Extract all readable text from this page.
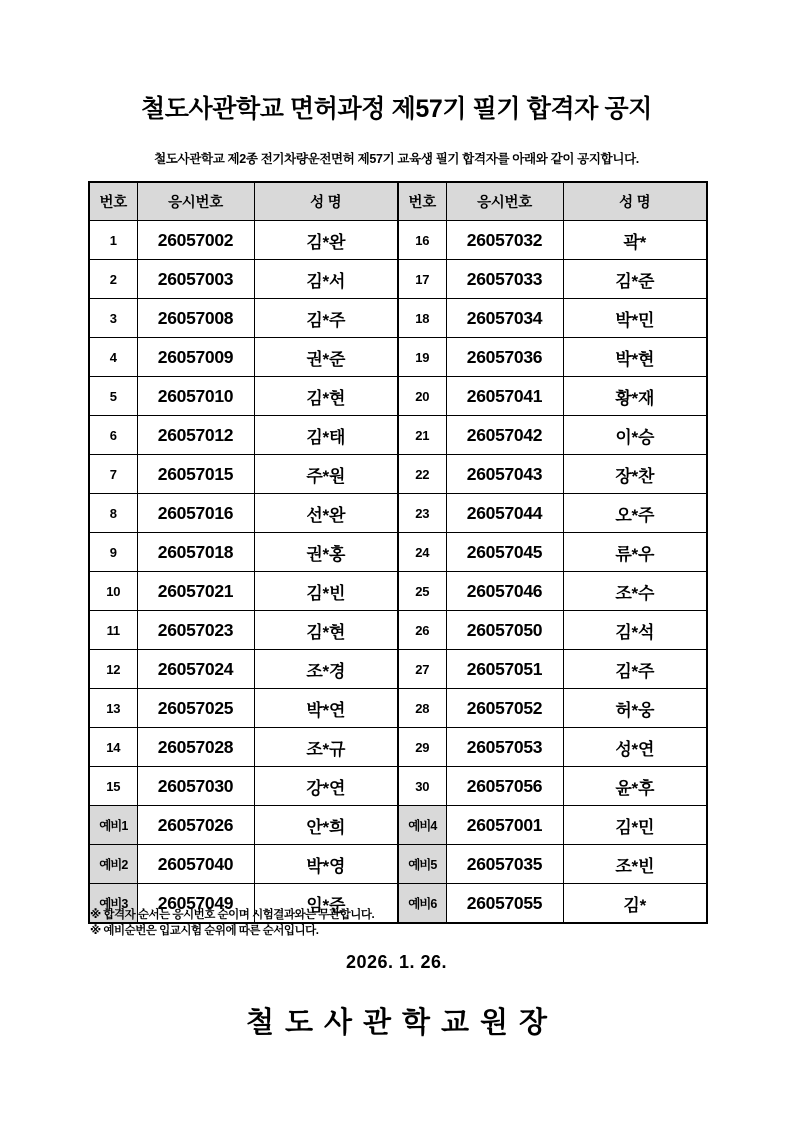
철도사관학교 면허과정 제57기 필기 합격자 공지
철도사관학교 제2종 전기차량운전면허 제57기 교육생 필기 합격자를 아래와 같이 공지합니다.
번호	응시번호	성 명	번호	응시번호	성 명
1	26057002	김*완	16	26057032	곽*
2	26057003	김*서	17	26057033	김*준
3	26057008	김*주	18	26057034	박*민
4	26057009	권*준	19	26057036	박*현
5	26057010	김*현	20	26057041	황*재
6	26057012	김*태	21	26057042	이*승
7	26057015	주*원	22	26057043	장*찬
8	26057016	선*완	23	26057044	오*주
9	26057018	권*홍	24	26057045	류*우
10	26057021	김*빈	25	26057046	조*수
11	26057023	김*현	26	26057050	김*석
12	26057024	조*경	27	26057051	김*주
13	26057025	박*연	28	26057052	허*웅
14	26057028	조*규	29	26057053	성*연
15	26057030	강*연	30	26057056	윤*후
예비1	26057026	안*희	예비4	26057001	김*민
예비2	26057040	박*영	예비5	26057035	조*빈
예비3	26057049	임*준	예비6	26057055	김*
※ 합격자 순서는 응시번호 순이며 시험결과와는 무관합니다.
※ 예비순번은 입교시험 순위에 따른 순서입니다.
2026. 1. 26.
철도사관학교원장
